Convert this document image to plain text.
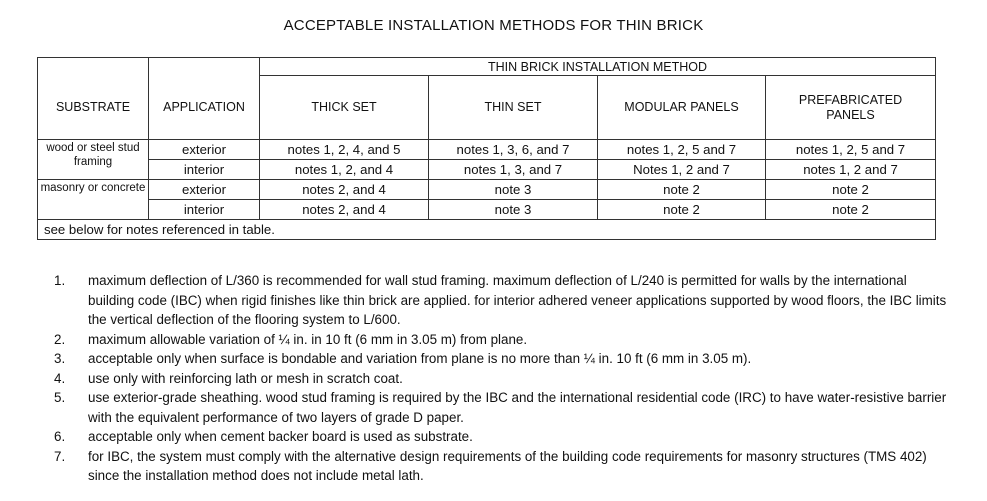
ACCEPTABLE INSTALLATION METHODS FOR THIN BRICK
		THIN BRICK INSTALLATION METHOD			
SUBSTRATE	APPLICATION	THICK SET	THIN SET	MODULAR PANELS	PREFABRICATED PANELS
wood or steel stud framing	exterior	notes 1, 2, 4, and 5	notes 1, 3, 6, and 7	notes 1, 2, 5 and 7	notes 1, 2, 5 and 7
	interior	notes 1, 2, and 4	notes 1, 3, and 7	Notes 1, 2 and 7	notes 1, 2 and 7
masonry or concrete	exterior	notes 2, and 4	note 3	note 2	note 2
	interior	notes 2, and 4	note 3	note 2	note 2
see below for notes referenced in table.					
1. maximum deflection of L/360 is recommended for wall stud framing. maximum deflection of L/240 is permitted for walls by the international building code (IBC) when rigid finishes like thin brick are applied. for interior adhered veneer applications supported by wood floors, the IBC limits the vertical deflection of the flooring system to L/600.
2. maximum allowable variation of ¼ in. in 10 ft (6 mm in 3.05 m) from plane.
3. acceptable only when surface is bondable and variation from plane is no more than ¼ in. 10 ft (6 mm in 3.05 m).
4. use only with reinforcing lath or mesh in scratch coat.
5. use exterior-grade sheathing. wood stud framing is required by the IBC and the international residential code (IRC) to have water-resistive barrier with the equivalent performance of two layers of grade D paper.
6. acceptable only when cement backer board is used as substrate.
7. for IBC, the system must comply with the alternative design requirements of the building code requirements for masonry structures (TMS 402) since the installation method does not include metal lath.
